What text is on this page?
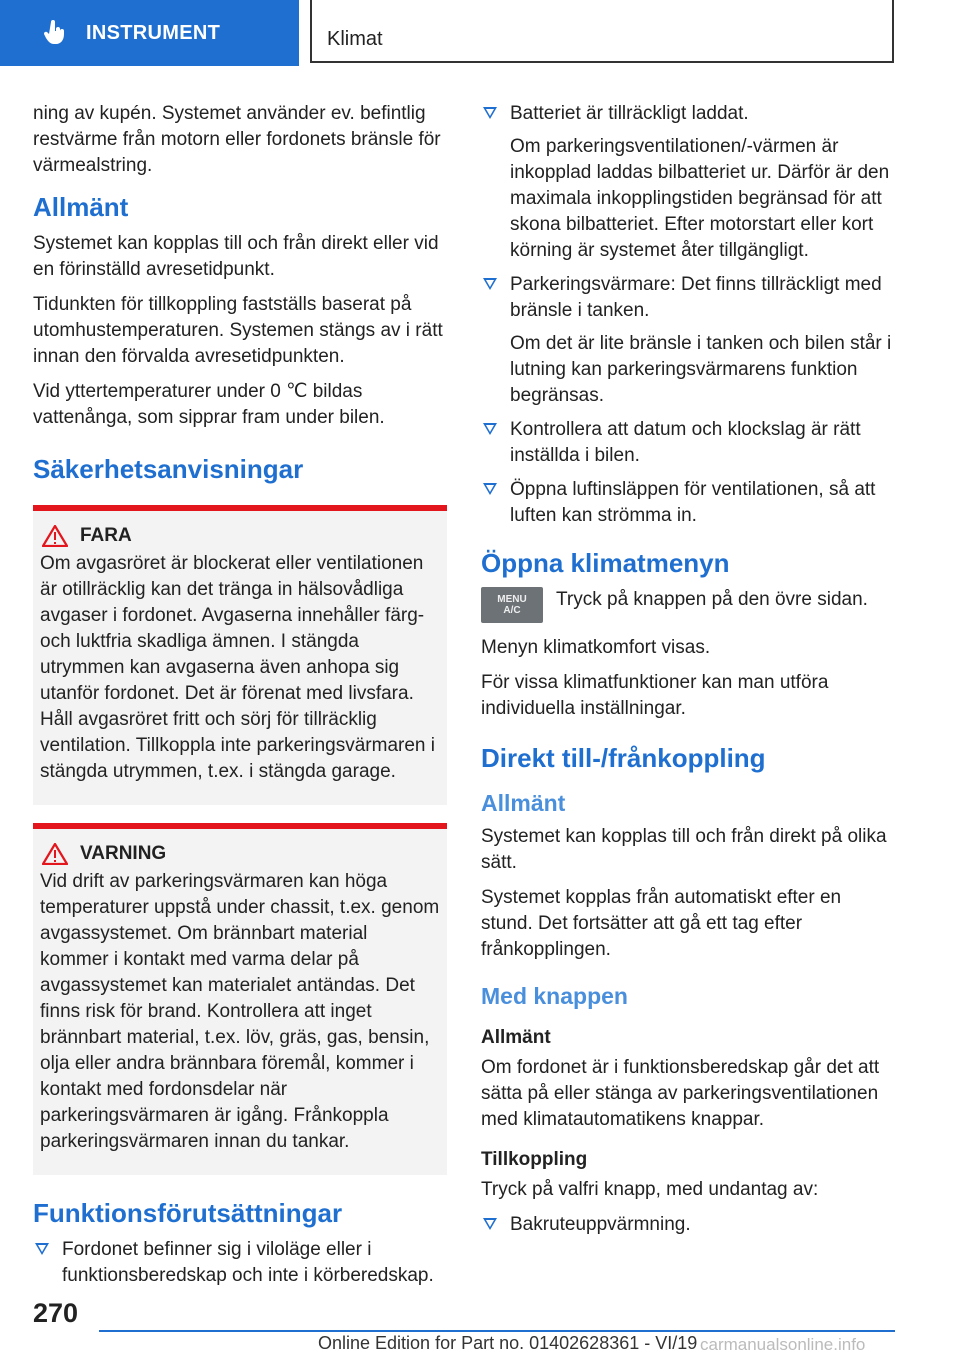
INSTRUMENT	Klimat

ning av kupén. Systemet använder ev. befintlig restvärme från motorn eller fordonets bränsle för värmealstring.

Allmänt

Systemet kan kopplas till och från direkt eller vid en förinställd avresetidpunkt.

Tidunkten för tillkoppling fastställs baserat på utomhustemperaturen. Systemen stängs av i rätt innan den förvalda avresetidpunkten.

Vid yttertemperaturer under 0 ℃ bildas vattenånga, som sipprar fram under bilen.

Säkerhetsanvisningar
FARA

Om avgasröret är blockerat eller ventilationen är otillräcklig kan det tränga in hälsovådliga avgaser i fordonet. Avgaserna innehåller färg- och luktfria skadliga ämnen. I stängda utrymmen kan avgaserna även anhopa sig utanför fordonet. Det är förenat med livsfara. Håll avgasröret fritt och sörj för tillräcklig ventilation. Tillkoppla inte parkeringsvärmaren i stängda utrymmen, t.ex. i stängda garage.

VARNING

Vid drift av parkeringsvärmaren kan höga temperaturer uppstå under chassit, t.ex. genom avgassystemet. Om brännbart material kommer i kontakt med varma delar på avgassystemet kan materialet antändas. Det finns risk för brand. Kontrollera att inget brännbart material, t.ex. löv, gräs, gas, bensin, olja eller andra brännbara föremål, kommer i kontakt med fordonsdelar när parkeringsvärmaren är igång. Frånkoppla parkeringsvärmaren innan du tankar.

Funktionsförutsättningar

Fordonet befinner sig i viloläge eller i funktionsberedskap och inte i körberedskap.

Batteriet är tillräckligt laddat.

Om parkeringsventilationen/-värmen är inkopplad laddas bilbatteriet ur. Därför är den maximala inkopplingstiden begränsad för att skona bilbatteriet. Efter motorstart eller kort körning är systemet åter tillgängligt.

Parkeringsvärmare: Det finns tillräckligt med bränsle i tanken.

Om det är lite bränsle i tanken och bilen står i lutning kan parkeringsvärmarens funktion begränsas.

Kontrollera att datum och klockslag är rätt inställda i bilen.

Öppna luftinsläppen för ventilationen, så att luften kan strömma in.

Öppna klimatmenyn
MENU
A/C

Tryck på knappen på den övre sidan.

Menyn klimatkomfort visas.

För vissa klimatfunktioner kan man utföra individuella inställningar.

Direkt till-/frånkoppling
Allmänt

Systemet kan kopplas till och från direkt på olika sätt.

Systemet kopplas från automatiskt efter en stund. Det fortsätter att gå ett tag efter frånkopplingen.

Med knappen
Allmänt

Om fordonet är i funktionsberedskap går det att sätta på eller stänga av parkeringsventilationen med klimatautomatikens knappar.

Tillkoppling

Tryck på valfri knapp, med undantag av:

Bakruteuppvärmning.

270
Online Edition for Part no. 01402628361 - VI/19 carmanualsonline.info
